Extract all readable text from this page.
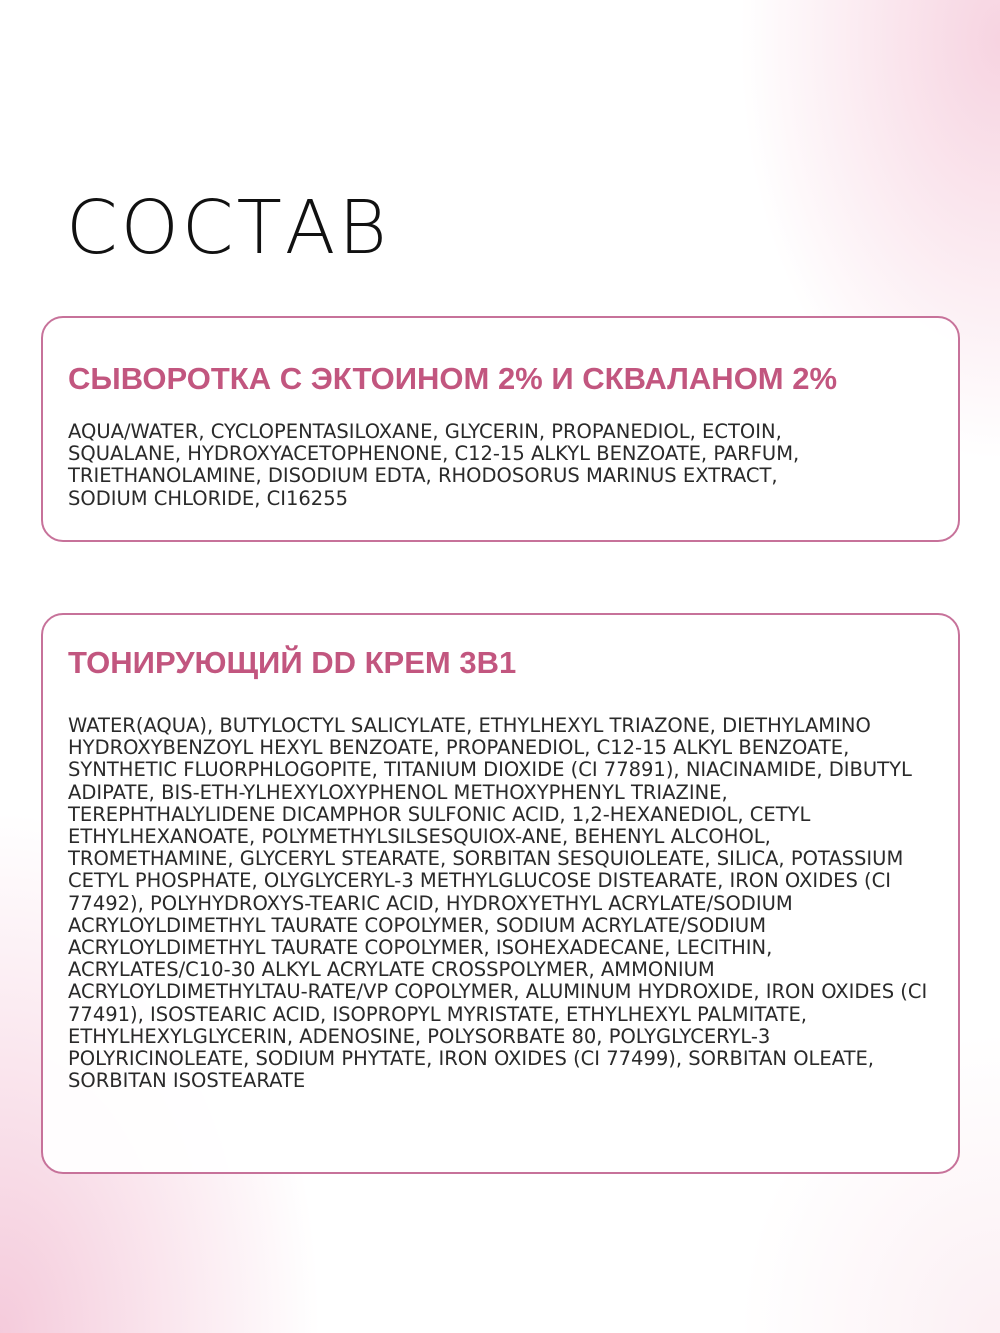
СОСТАВ
СЫВОРОТКА С ЭКТОИНОМ 2% И СКВАЛАНОМ 2%

AQUA/WATER, CYCLOPENTASILOXANE, GLYCERIN, PROPANEDIOL, ECTOIN, SQUALANE, HYDROXYACETOPHENONE, C12-15 ALKYL BENZOATE, PARFUM, TRIETHANOLAMINE, DISODIUM EDTA, RHODOSORUS MARINUS EXTRACT, SODIUM CHLORIDE, CI16255

ТОНИРУЮЩИЙ DD КРЕМ 3В1

WATER(AQUA), BUTYLOCTYL SALICYLATE, ETHYLHEXYL TRIAZONE, DIETHYLAMINO HYDROXYBENZOYL HEXYL BENZOATE, PROPANEDIOL, C12-15 ALKYL BENZOATE, SYNTHETIC FLUORPHLOGOPITE, TITANIUM DIOXIDE (CI 77891), NIACINAMIDE, DIBUTYL ADIPATE, BIS-ETH-YLHEXYLOXYPHENOL METHOXYPHENYL TRIAZINE, TEREPHTHALYLIDENE DICAMPHOR SULFONIC ACID, 1,2-HEXANEDIOL, CETYL ETHYLHEXANOATE, POLYMETHYLSILSESQUIOX-ANE, BEHENYL ALCOHOL, TROMETHAMINE, GLYCERYL STEARATE, SORBITAN SESQUIOLEATE, SILICA, POTASSIUM CETYL PHOSPHATE, OLYGLYCERYL-3 METHYLGLUCOSE DISTEARATE, IRON OXIDES (CI 77492), POLYHYDROXYS-TEARIC ACID, HYDROXYETHYL ACRYLATE/SODIUM ACRYLOYLDIMETHYL TAURATE COPOLYMER, SODIUM ACRYLATE/SODIUM ACRYLOYLDIMETHYL TAURATE COPOLYMER, ISOHEXADECANE, LECITHIN, ACRYLATES/C10-30 ALKYL ACRYLATE CROSSPOLYMER, AMMONIUM ACRYLOYLDIMETHYLTAU-RATE/VP COPOLYMER, ALUMINUM HYDROXIDE, IRON OXIDES (CI 77491), ISOSTEARIC ACID, ISOPROPYL MYRISTATE, ETHYLHEXYL PALMITATE, ETHYLHEXYLGLYCERIN, ADENOSINE, POLYSORBATE 80, POLYGLYCERYL-3 POLYRICINOLEATE, SODIUM PHYTATE, IRON OXIDES (CI 77499), SORBITAN OLEATE, SORBITAN ISOSTEARATE
